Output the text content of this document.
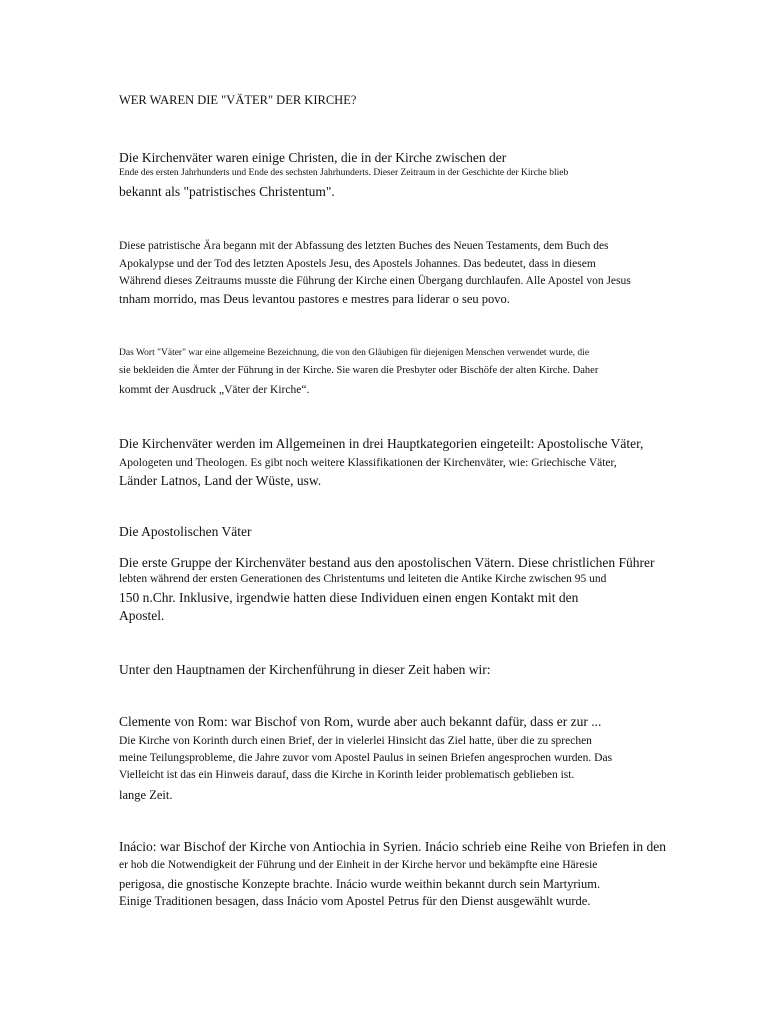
WER WAREN DIE "VÄTER" DER KIRCHE?

Die Kirchenväter waren einige Christen, die in der Kirche zwischen der

Ende des ersten Jahrhunderts und Ende des sechsten Jahrhunderts. Dieser Zeitraum in der Geschichte der Kirche blieb

bekannt als "patristisches Christentum".

Diese patristische Ära begann mit der Abfassung des letzten Buches des Neuen Testaments, dem Buch des

Apokalypse und der Tod des letzten Apostels Jesu, des Apostels Johannes. Das bedeutet, dass in diesem

Während dieses Zeitraums musste die Führung der Kirche einen Übergang durchlaufen. Alle Apostel von Jesus

tnham morrido, mas Deus levantou pastores e mestres para liderar o seu povo.

Das Wort "Väter" war eine allgemeine Bezeichnung, die von den Gläubigen für diejenigen Menschen verwendet wurde, die

sie bekleiden die Ämter der Führung in der Kirche. Sie waren die Presbyter oder Bischöfe der alten Kirche. Daher

kommt der Ausdruck „Väter der Kirche“.

Die Kirchenväter werden im Allgemeinen in drei Hauptkategorien eingeteilt: Apostolische Väter,

Apologeten und Theologen. Es gibt noch weitere Klassifikationen der Kirchenväter, wie: Griechische Väter,

Länder Latnos, Land der Wüste, usw.

Die Apostolischen Väter

Die erste Gruppe der Kirchenväter bestand aus den apostolischen Vätern. Diese christlichen Führer

lebten während der ersten Generationen des Christentums und leiteten die Antike Kirche zwischen 95 und

150 n.Chr. Inklusive, irgendwie hatten diese Individuen einen engen Kontakt mit den

Apostel.

Unter den Hauptnamen der Kirchenführung in dieser Zeit haben wir:

Clemente von Rom: war Bischof von Rom, wurde aber auch bekannt dafür, dass er zur ...

Die Kirche von Korinth durch einen Brief, der in vielerlei Hinsicht das Ziel hatte, über die zu sprechen

meine Teilungsprobleme, die Jahre zuvor vom Apostel Paulus in seinen Briefen angesprochen wurden. Das

Vielleicht ist das ein Hinweis darauf, dass die Kirche in Korinth leider problematisch geblieben ist.

lange Zeit.

Inácio: war Bischof der Kirche von Antiochia in Syrien. Inácio schrieb eine Reihe von Briefen in den

er hob die Notwendigkeit der Führung und der Einheit in der Kirche hervor und bekämpfte eine Häresie

perigosa, die gnostische Konzepte brachte. Inácio wurde weithin bekannt durch sein Martyrium.

Einige Traditionen besagen, dass Inácio vom Apostel Petrus für den Dienst ausgewählt wurde.
